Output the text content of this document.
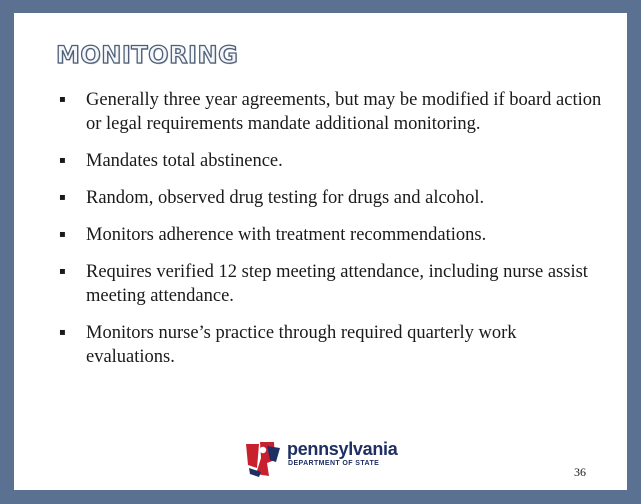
MONITORING
▪ Generally three year agreements, but may be modified if board action or legal requirements mandate additional monitoring.
▪ Mandates total abstinence.
▪ Random, observed drug testing for drugs and alcohol.
▪ Monitors adherence with treatment recommendations.
▪ Requires verified 12 step meeting attendance, including nurse assist meeting attendance.
▪ Monitors nurse’s practice through required quarterly work evaluations.
pennsylvania
DEPARTMENT OF STATE
36
